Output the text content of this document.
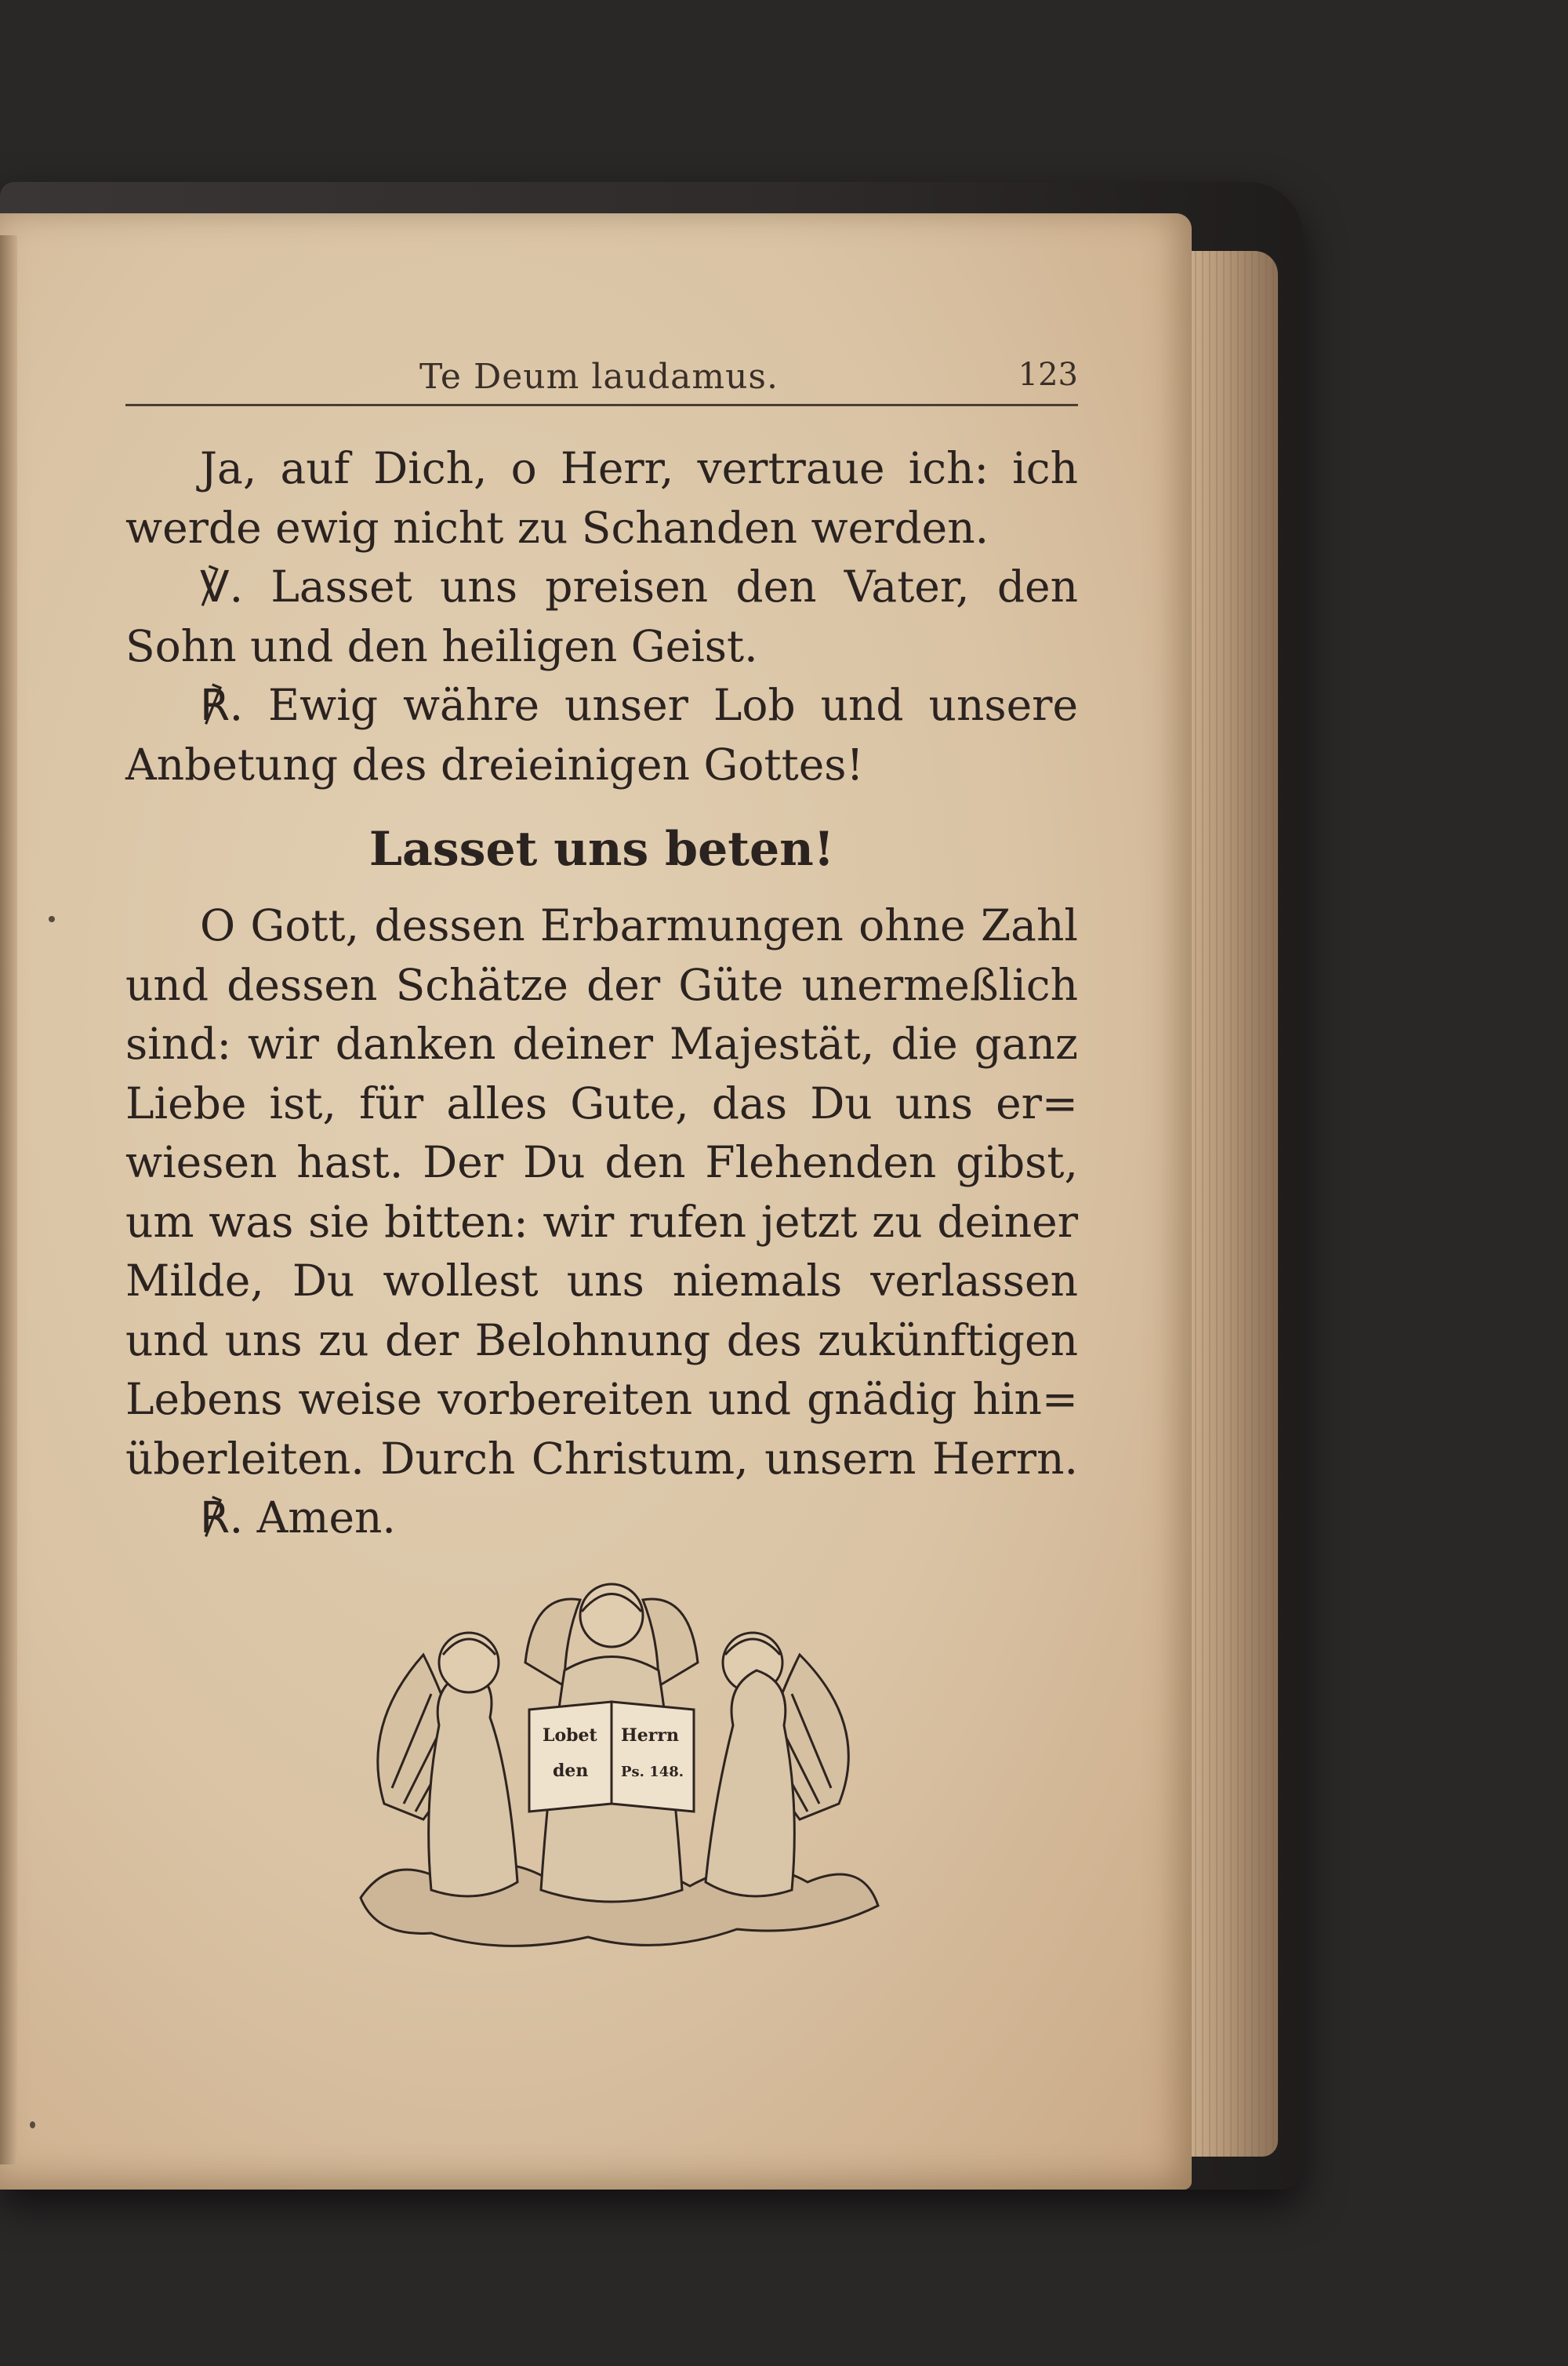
Te Deum laudamus.	123
Ja, auf Dich, o Herr, vertraue ich: ich
werde ewig nicht zu Schanden werden.
℣. Lasset uns preisen den Vater, den
Sohn und den heiligen Geist.
℟. Ewig währe unser Lob und unsere
Anbetung des dreieinigen Gottes!
Lasset uns beten!
O Gott, dessen Erbarmungen ohne Zahl
und dessen Schätze der Güte unermeßlich
sind: wir danken deiner Majestät, die ganz
Liebe ist, für alles Gute, das Du uns er=
wiesen hast. Der Du den Flehenden gibst,
um was sie bitten: wir rufen jetzt zu deiner
Milde, Du wollest uns niemals verlassen
und uns zu der Belohnung des zukünftigen
Lebens weise vorbereiten und gnädig hin=
überleiten. Durch Christum, unsern Herrn.
℟. Amen.
Lobet
den
Herrn
Ps. 148.
